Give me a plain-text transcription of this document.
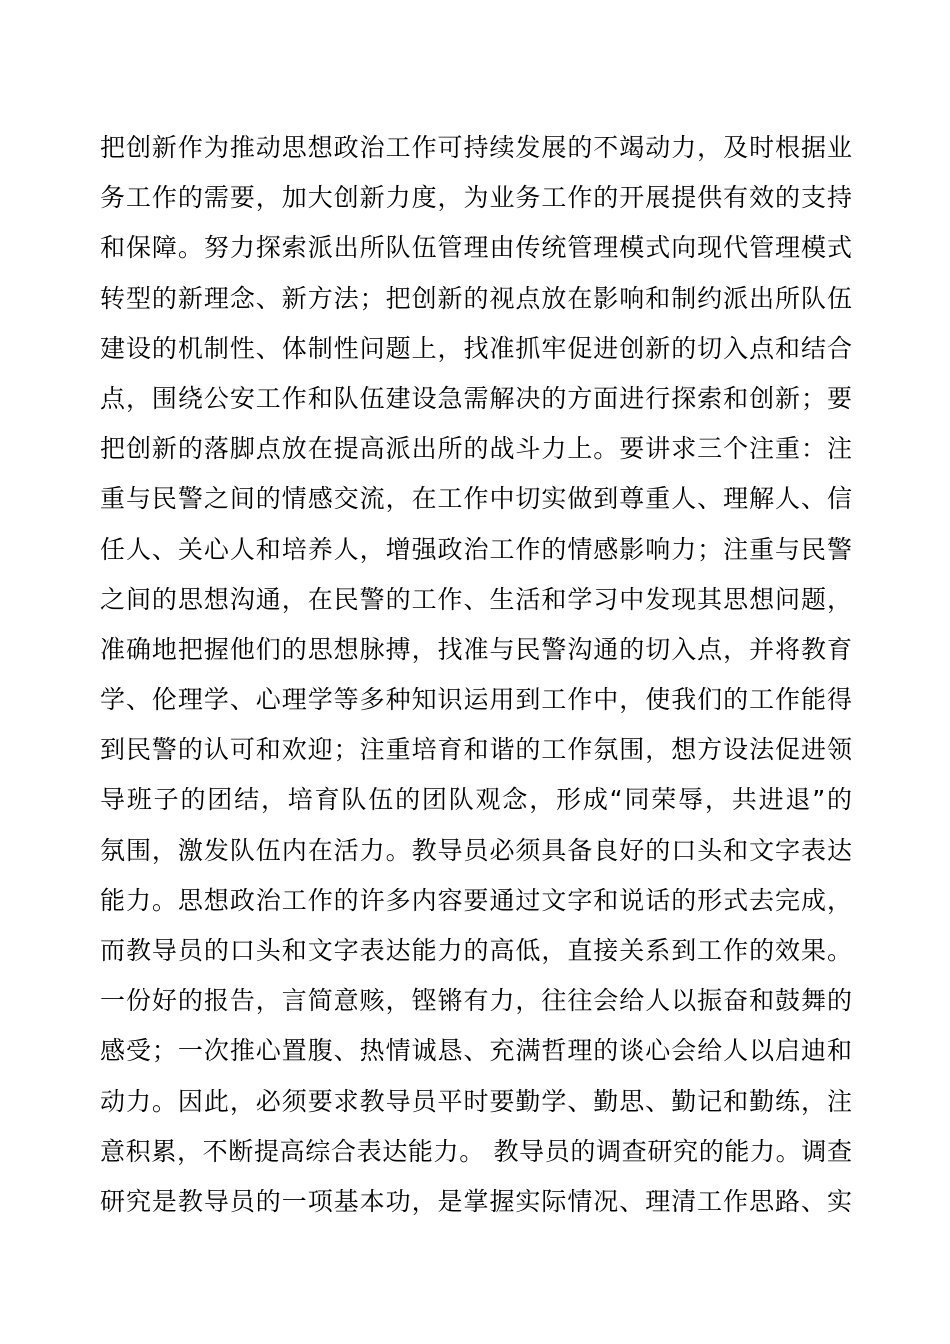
把创新作为推动思想政治工作可持续发展的不竭动力，及时根据业
务工作的需要，加大创新力度，为业务工作的开展提供有效的支持
和保障。努力探索派出所队伍管理由传统管理模式向现代管理模式
转型的新理念、新方法；把创新的视点放在影响和制约派出所队伍
建设的机制性、体制性问题上，找准抓牢促进创新的切入点和结合
点，围绕公安工作和队伍建设急需解决的方面进行探索和创新；要
把创新的落脚点放在提高派出所的战斗力上。要讲求三个注重：注
重与民警之间的情感交流，在工作中切实做到尊重人、理解人、信
任人、关心人和培养人，增强政治工作的情感影响力；注重与民警
之间的思想沟通，在民警的工作、生活和学习中发现其思想问题，
准确地把握他们的思想脉搏，找准与民警沟通的切入点，并将教育
学、伦理学、心理学等多种知识运用到工作中，使我们的工作能得
到民警的认可和欢迎；注重培育和谐的工作氛围，想方设法促进领
导班子的团结，培育队伍的团队观念，形成“同荣辱，共进退”的
氛围，激发队伍内在活力。教导员必须具备良好的口头和文字表达
能力。思想政治工作的许多内容要通过文字和说话的形式去完成，
而教导员的口头和文字表达能力的高低，直接关系到工作的效果。
一份好的报告，言简意赅，铿锵有力，往往会给人以振奋和鼓舞的
感受；一次推心置腹、热情诚恳、充满哲理的谈心会给人以启迪和
动力。因此，必须要求教导员平时要勤学、勤思、勤记和勤练，注
意积累，不断提高综合表达能力。 教导员的调查研究的能力。调查
研究是教导员的一项基本功，是掌握实际情况、理清工作思路、实
